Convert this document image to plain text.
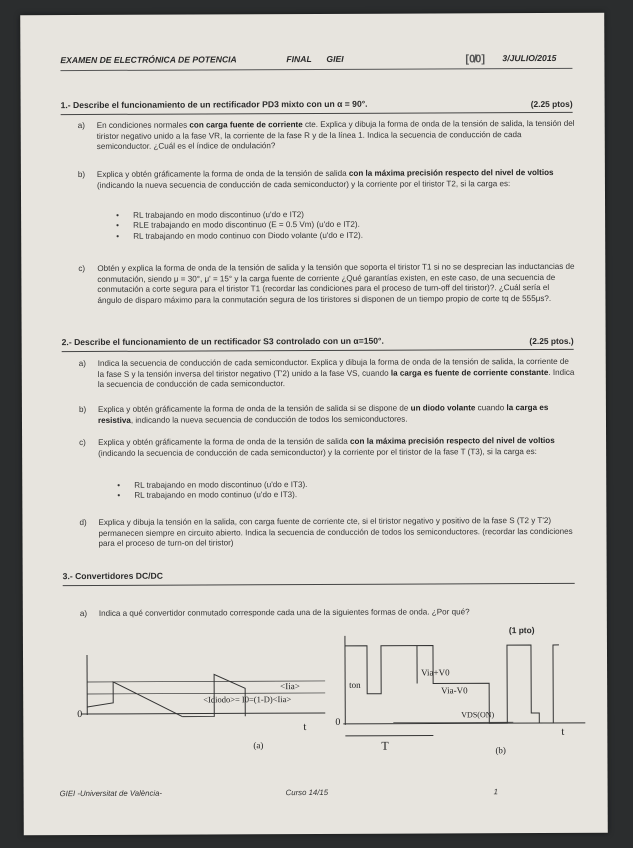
EXAMEN DE ELECTRÓNICA DE POTENCIA	FINAL GIEI	[0̸0] 3/JULIO/2015
1.- Describe el funcionamiento de un rectificador PD3 mixto con un α = 90°.	(2.25 ptos)
a) En condiciones normales con carga fuente de corriente cte. Explica y dibuja la forma de onda de la tensión de salida, la tensión del tiristor negativo unido a la fase VR, la corriente de la fase R y de la línea 1. Indica la secuencia de conducción de cada semiconductor. ¿Cuál es el índice de ondulación?
b) Explica y obtén gráficamente la forma de onda de la tensión de salida con la máxima precisión respecto del nivel de voltios (indicando la nueva secuencia de conducción de cada semiconductor) y la corriente por el tiristor T2, si la carga es:
• RL trabajando en modo discontinuo (u'do e IT2)
• RLE trabajando en modo discontinuo (E = 0.5 Vm) (u'do e IT2).
• RL trabajando en modo continuo con Diodo volante (u'do e IT2).
c) Obtén y explica la forma de onda de la tensión de salida y la tensión que soporta el tiristor T1 si no se desprecian las inductancias de conmutación, siendo μ = 30°, μ' = 15° y la carga fuente de corriente ¿Qué garantías existen, en este caso, de una secuencia de conmutación a corte segura para el tiristor T1 (recordar las condiciones para el proceso de turn-off del tiristor)?. ¿Cuál sería el ángulo de disparo máximo para la conmutación segura de los tiristores si disponen de un tiempo propio de corte tq de 555μs?.
2.- Describe el funcionamiento de un rectificador S3 controlado con un α=150°.	(2.25 ptos.)
a) Indica la secuencia de conducción de cada semiconductor. Explica y dibuja la forma de onda de la tensión de salida, la corriente de la fase S y la tensión inversa del tiristor negativo (T'2) unido a la fase VS, cuando la carga es fuente de corriente constante. Indica la secuencia de conducción de cada semiconductor.
b) Explica y obtén gráficamente la forma de onda de la tensión de salida si se dispone de un diodo volante cuando la carga es resistiva, indicando la nueva secuencia de conducción de todos los semiconductores.
c) Explica y obtén gráficamente la forma de onda de la tensión de salida con la máxima precisión respecto del nivel de voltios (indicando la secuencia de conducción de cada semiconductor) y la corriente por el tiristor de la fase T (T3), si la carga es:
• RL trabajando en modo discontinuo (u'do e IT3).
• RL trabajando en modo continuo (u'do e IT3).
d) Explica y dibuja la tensión en la salida, con carga fuente de corriente cte, si el tiristor negativo y positivo de la fase S (T2 y T'2) permanecen siempre en circuito abierto. Indica la secuencia de conducción de todos los semiconductores. (recordar las condiciones para el proceso de turn-on del tiristor)
3.- Convertidores DC/DC
a) Indica a qué convertidor conmutado corresponde cada una de la siguientes formas de onda. ¿Por qué?
(1 pto)
<Iia>
<Idiodo>= I0=(1-D)<Iia>
0
t
(a)
ton
Via+V0
Via-V0
VDS(ON)
0
T
t
(b)
GIEI -Universitat de València-	Curso 14/15	1
